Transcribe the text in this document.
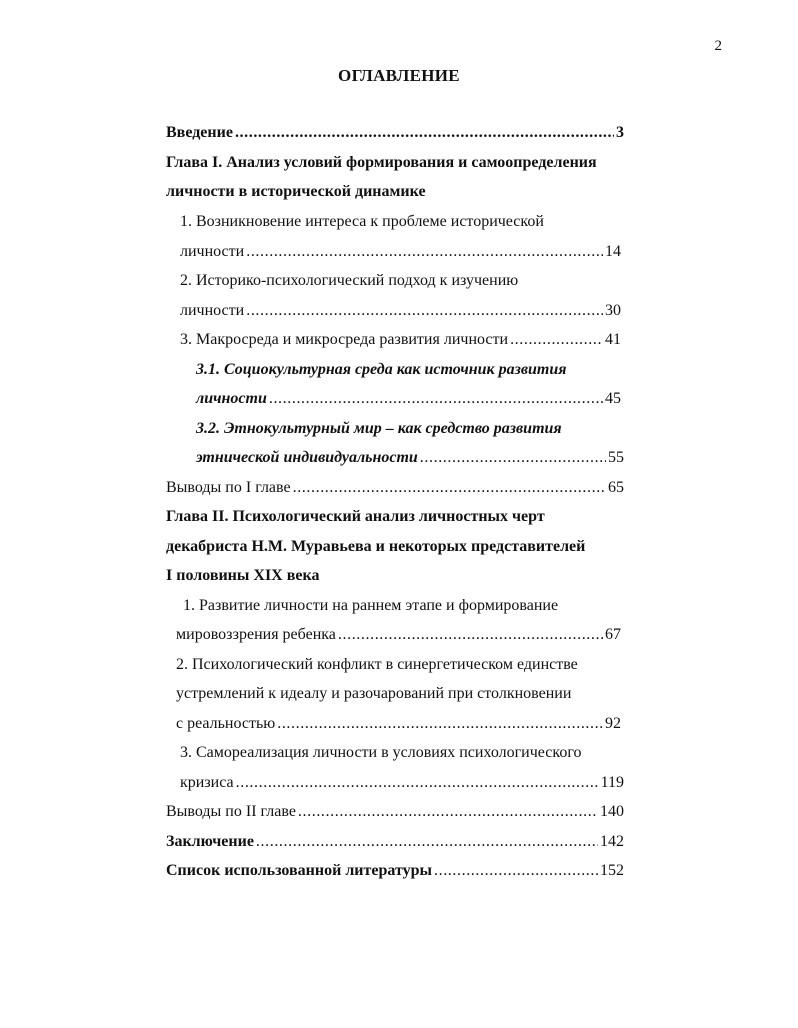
2
ОГЛАВЛЕНИЕ
Введение .....	3
Глава I. Анализ условий формирования и самоопределения
личности в исторической динамике
1. Возникновение интереса к проблеме исторической
личности .....	14
2. Историко-психологический подход к изучению
личности .....	30
3. Макросреда и микросреда развития личности .....	41
3.1. Социокультурная среда как источник развития
личности .....	45
3.2. Этнокультурный мир – как средство развития
этнической индивидуальности .....	55
Выводы по I главе .....	65
Глава II. Психологический анализ личностных черт
декабриста Н.М. Муравьева и некоторых представителей
I половины XIX века
1. Развитие личности на раннем этапе и формирование
мировоззрения ребенка .....	67
2. Психологический конфликт в синергетическом единстве
устремлений к идеалу и разочарований при столкновении
с реальностью .....	92
3. Самореализация личности в условиях психологического
кризиса .....	119
Выводы по II главе .....	140
Заключение .....	142
Список использованной литературы .....	152
